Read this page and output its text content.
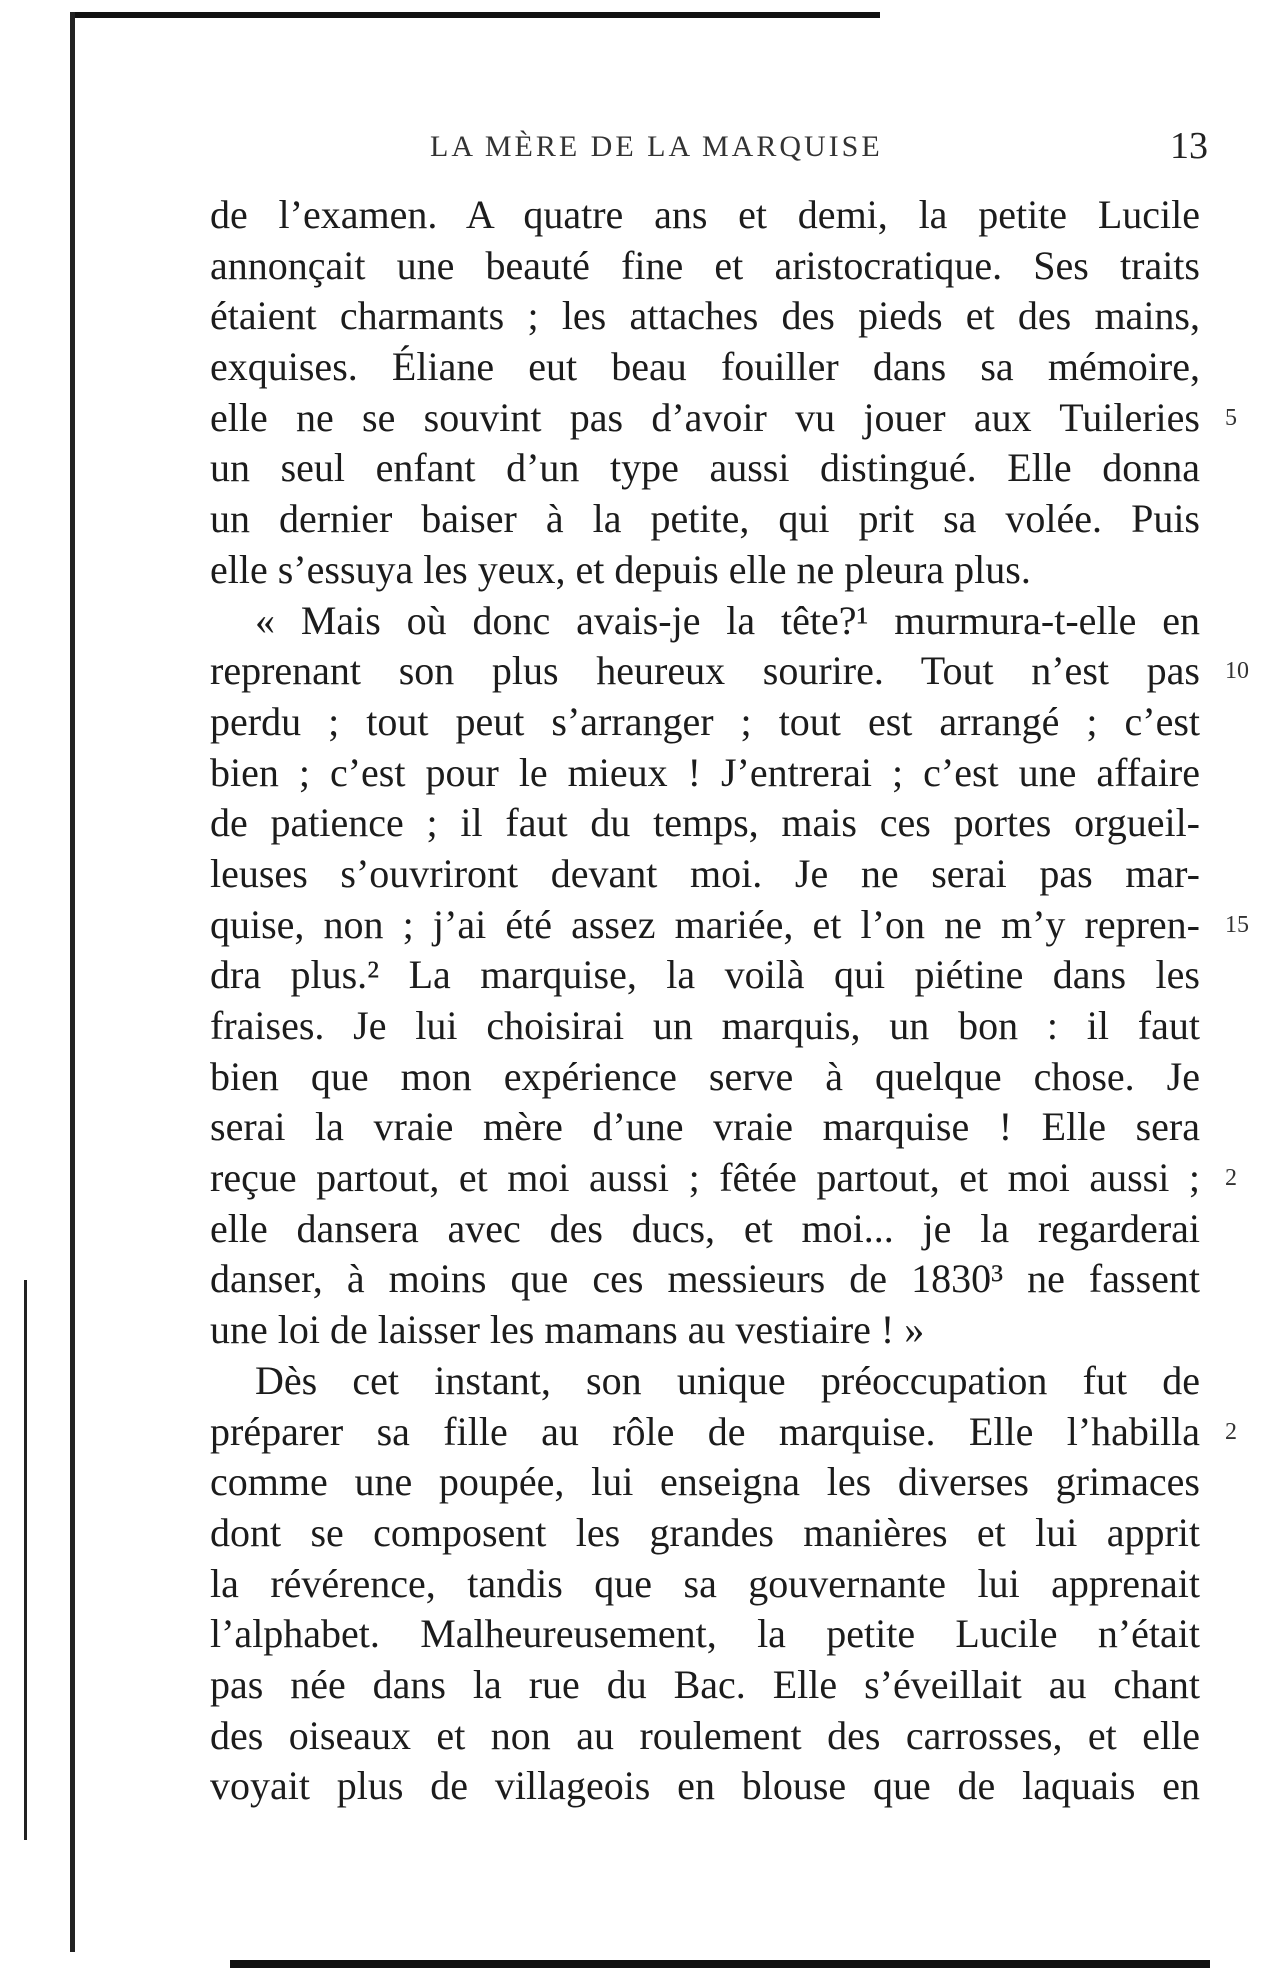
LA MÈRE DE LA MARQUISE	13
de l’examen. A quatre ans et demi, la petite Lucile
annonçait une beauté fine et aristocratique. Ses traits
étaient charmants ; les attaches des pieds et des mains,
exquises. Éliane eut beau fouiller dans sa mémoire,
elle ne se souvint pas d’avoir vu jouer aux Tuileries 5
un seul enfant d’un type aussi distingué. Elle donna
un dernier baiser à la petite, qui prit sa volée. Puis
elle s’essuya les yeux, et depuis elle ne pleura plus.
« Mais où donc avais-je la tête?¹ murmura-t-elle en
reprenant son plus heureux sourire. Tout n’est pas 10
perdu ; tout peut s’arranger ; tout est arrangé ; c’est
bien ; c’est pour le mieux ! J’entrerai ; c’est une affaire
de patience ; il faut du temps, mais ces portes orgueil-
leuses s’ouvriront devant moi. Je ne serai pas mar-
quise, non ; j’ai été assez mariée, et l’on ne m’y repren- 15
dra plus.² La marquise, la voilà qui piétine dans les
fraises. Je lui choisirai un marquis, un bon : il faut
bien que mon expérience serve à quelque chose. Je
serai la vraie mère d’une vraie marquise ! Elle sera
reçue partout, et moi aussi ; fêtée partout, et moi aussi ; 2
elle dansera avec des ducs, et moi... je la regarderai
danser, à moins que ces messieurs de 1830³ ne fassent
une loi de laisser les mamans au vestiaire ! »
Dès cet instant, son unique préoccupation fut de
préparer sa fille au rôle de marquise. Elle l’habilla 2
comme une poupée, lui enseigna les diverses grimaces
dont se composent les grandes manières et lui apprit
la révérence, tandis que sa gouvernante lui apprenait
l’alphabet. Malheureusement, la petite Lucile n’était
pas née dans la rue du Bac. Elle s’éveillait au chant
des oiseaux et non au roulement des carrosses, et elle
voyait plus de villageois en blouse que de laquais en
